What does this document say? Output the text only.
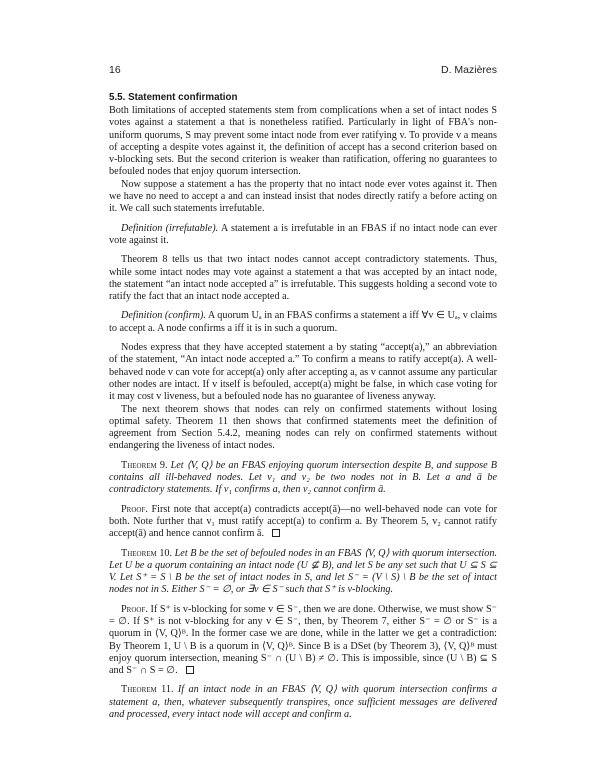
16	D. Mazières
5.5. Statement confirmation

Both limitations of accepted statements stem from complications when a set of intact nodes S votes against a statement a that is nonetheless ratified. Particularly in light of FBA's non-uniform quorums, S may prevent some intact node from ever ratifying v. To provide v a means of accepting a despite votes against it, the definition of accept has a second criterion based on v-blocking sets. But the second criterion is weaker than ratification, offering no guarantees to befouled nodes that enjoy quorum intersection.

Now suppose a statement a has the property that no intact node ever votes against it. Then we have no need to accept a and can instead insist that nodes directly ratify a before acting on it. We call such statements irrefutable.

Definition (irrefutable). A statement a is irrefutable in an FBAS if no intact node can ever vote against it.

Theorem 8 tells us that two intact nodes cannot accept contradictory statements. Thus, while some intact nodes may vote against a statement a that was accepted by an intact node, the statement “an intact node accepted a” is irrefutable. This suggests holding a second vote to ratify the fact that an intact node accepted a.

Definition (confirm). A quorum Uₐ in an FBAS confirms a statement a iff ∀v ∈ Uₐ, v claims to accept a. A node confirms a iff it is in such a quorum.

Nodes express that they have accepted statement a by stating “accept(a),” an abbreviation of the statement, “An intact node accepted a.” To confirm a means to ratify accept(a). A well-behaved node v can vote for accept(a) only after accepting a, as v cannot assume any particular other nodes are intact. If v itself is befouled, accept(a) might be false, in which case voting for it may cost v liveness, but a befouled node has no guarantee of liveness anyway.

The next theorem shows that nodes can rely on confirmed statements without losing optimal safety. Theorem 11 then shows that confirmed statements meet the definition of agreement from Section 5.4.2, meaning nodes can rely on confirmed statements without endangering the liveness of intact nodes.

Theorem 9. Let ⟨V, Q⟩ be an FBAS enjoying quorum intersection despite B, and suppose B contains all ill-behaved nodes. Let v₁ and v₂ be two nodes not in B. Let a and ā be contradictory statements. If v₁ confirms a, then v₂ cannot confirm ā.

Proof. First note that accept(a) contradicts accept(ā)—no well-behaved node can vote for both. Note further that v₁ must ratify accept(a) to confirm a. By Theorem 5, v₂ cannot ratify accept(ā) and hence cannot confirm ā.

Theorem 10. Let B be the set of befouled nodes in an FBAS ⟨V, Q⟩ with quorum intersection. Let U be a quorum containing an intact node (U ⊈ B), and let S be any set such that U ⊆ S ⊆ V. Let S⁺ = S \ B be the set of intact nodes in S, and let S⁻ = (V \ S) \ B be the set of intact nodes not in S. Either S⁻ = ∅, or ∃v ∈ S⁻ such that S⁺ is v-blocking.

Proof. If S⁺ is v-blocking for some v ∈ S⁻, then we are done. Otherwise, we must show S⁻ = ∅. If S⁺ is not v-blocking for any v ∈ S⁻, then, by Theorem 7, either S⁻ = ∅ or S⁻ is a quorum in ⟨V, Q⟩ᴮ. In the former case we are done, while in the latter we get a contradiction: By Theorem 1, U \ B is a quorum in ⟨V, Q⟩ᴮ. Since B is a DSet (by Theorem 3), ⟨V, Q⟩ᴮ must enjoy quorum intersection, meaning S⁻ ∩ (U \ B) ≠ ∅. This is impossible, since (U \ B) ⊆ S and S⁻ ∩ S = ∅.

Theorem 11. If an intact node in an FBAS ⟨V, Q⟩ with quorum intersection confirms a statement a, then, whatever subsequently transpires, once sufficient messages are delivered and processed, every intact node will accept and confirm a.
